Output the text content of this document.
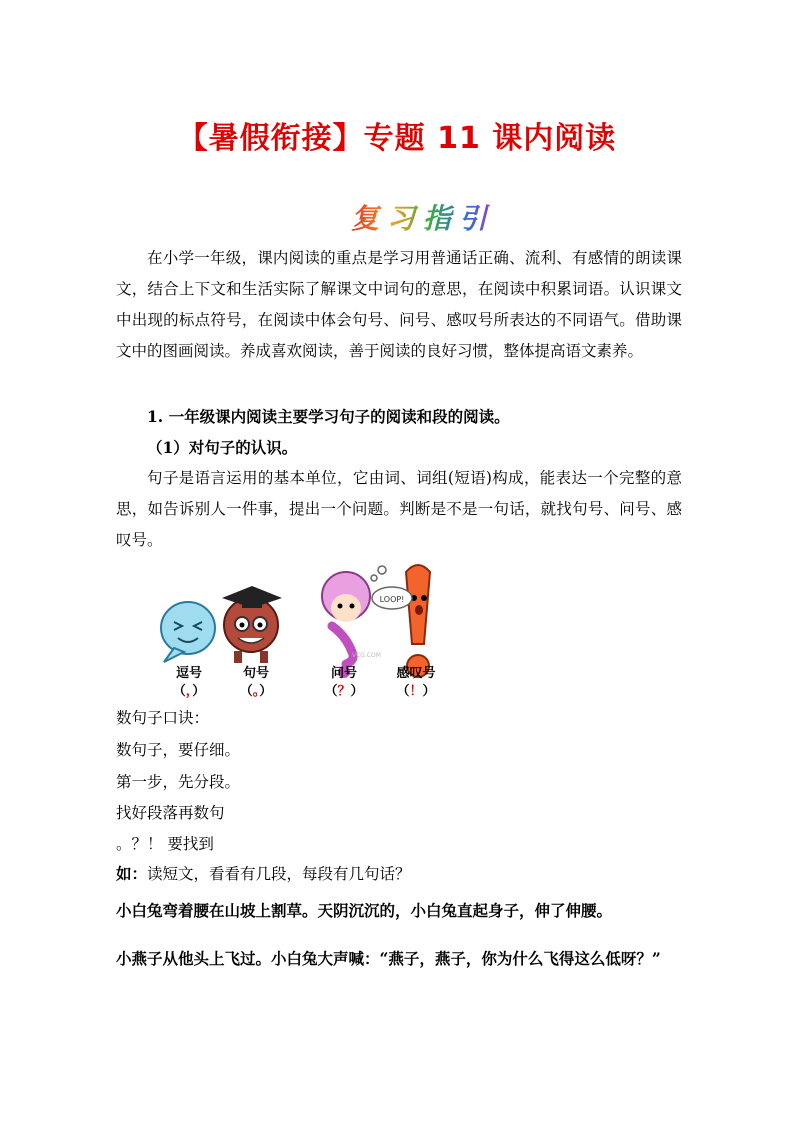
【暑假衔接】专题 11 课内阅读
复习指引

在小学一年级，课内阅读的重点是学习用普通话正确、流利、有感情的朗读课文，结合上下文和生活实际了解课文中词句的意思，在阅读中积累词语。认识课文中出现的标点符号，在阅读中体会句号、问号、感叹号所表达的不同语气。借助课文中的图画阅读。养成喜欢阅读，善于阅读的良好习惯，整体提高语文素养。

1. 一年级课内阅读主要学习句子的阅读和段的阅读。

（1）对句子的认识。

句子是语言运用的基本单位，它由词、词组(短语)构成，能表达一个完整的意思，如告诉别人一件事，提出一个问题。判断是不是一句话，就找句号、问号、感叹号。

LOOP!
逗号	句号	问号	感叹号
（，）	（。）	（？）	（！）
VCG.COM

数句子口诀：

数句子，要仔细。

第一步，先分段。

找好段落再数句

。？！ 要找到

如：读短文，看看有几段，每段有几句话？

小白兔弯着腰在山坡上割草。天阴沉沉的，小白兔直起身子，伸了伸腰。

小燕子从他头上飞过。小白兔大声喊：“燕子，燕子，你为什么飞得这么低呀？”
